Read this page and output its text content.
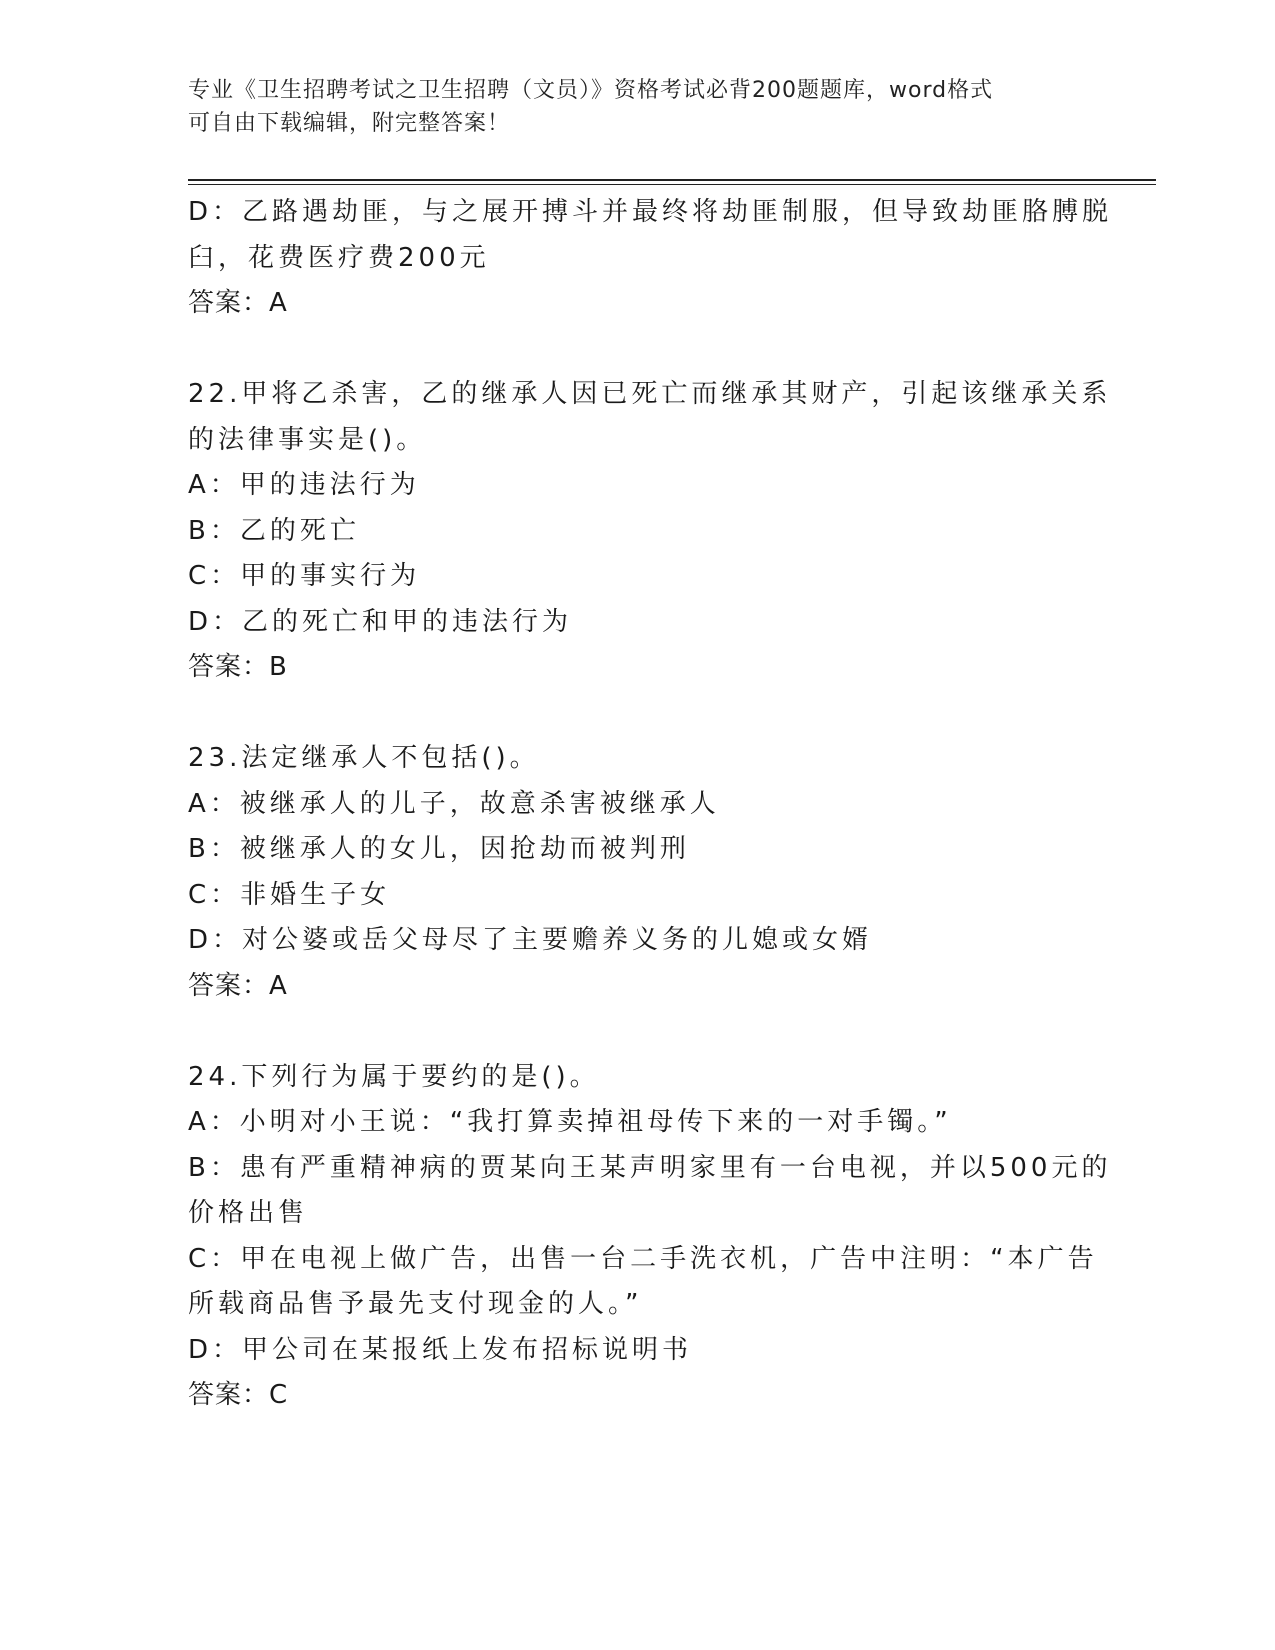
专业《卫生招聘考试之卫生招聘（文员）》资格考试必背200题题库，word格式
可自由下载编辑，附完整答案！
D：乙路遇劫匪，与之展开搏斗并最终将劫匪制服，但导致劫匪胳膊脱
臼，花费医疗费200元
答案：A
22.甲将乙杀害，乙的继承人因已死亡而继承其财产，引起该继承关系
的法律事实是()。
A：甲的违法行为
B：乙的死亡
C：甲的事实行为
D：乙的死亡和甲的违法行为
答案：B
23.法定继承人不包括()。
A：被继承人的儿子，故意杀害被继承人
B：被继承人的女儿，因抢劫而被判刑
C：非婚生子女
D：对公婆或岳父母尽了主要赡养义务的儿媳或女婿
答案：A
24.下列行为属于要约的是()。
A：小明对小王说：“我打算卖掉祖母传下来的一对手镯。”
B：患有严重精神病的贾某向王某声明家里有一台电视，并以500元的
价格出售
C：甲在电视上做广告，出售一台二手洗衣机，广告中注明：“本广告
所载商品售予最先支付现金的人。”
D：甲公司在某报纸上发布招标说明书
答案：C
